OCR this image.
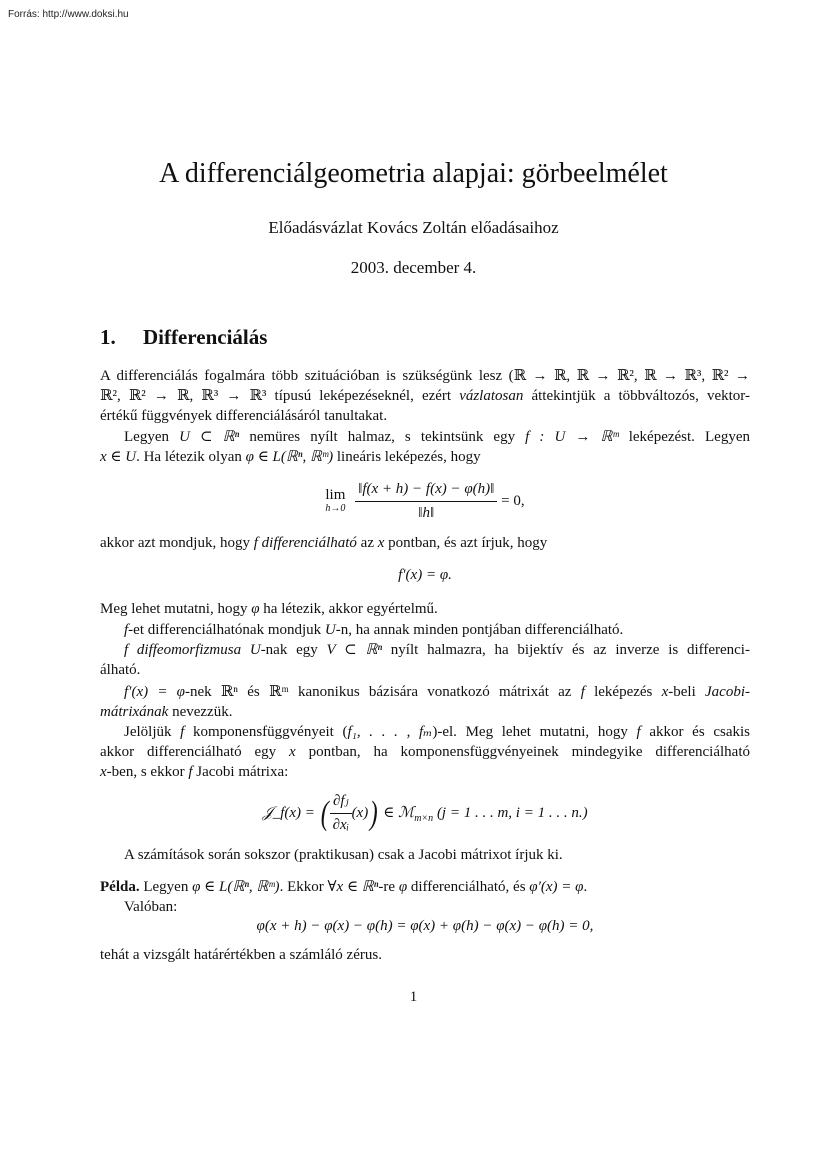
Forrás: http://www.doksi.hu
A differenciálgeometria alapjai: görbeelmélet
Előadásvázlat Kovács Zoltán előadásaihoz
2003. december 4.
1. Differenciálás
A differenciálás fogalmára több szituációban is szükségünk lesz (ℝ → ℝ, ℝ → ℝ², ℝ → ℝ³, ℝ² →
ℝ², ℝ² → ℝ, ℝ³ → ℝ³ típusú leképezéseknél, ezért vázlatosan áttekintjük a többváltozós, vektor-
értékű függvények differenciálásáról tanultakat.
Legyen U ⊂ ℝⁿ nemüres nyílt halmaz, s tekintsünk egy f : U → ℝᵐ leképezést. Legyen
x ∈ U. Ha létezik olyan φ ∈ L(ℝⁿ, ℝᵐ) lineáris leképezés, hogy
lim
h→0
$\frac{‖f(x + h) - f(x) - \varphi(h)‖}{‖h‖} = 0$,
akkor azt mondjuk, hogy f differenciálható az x pontban, és azt írjuk, hogy
f′(x) = φ.
Meg lehet mutatni, hogy φ ha létezik, akkor egyértelmű.
f-et differenciálhatónak mondjuk U-n, ha annak minden pontjában differenciálható.
f diffeomorfizmusa U-nak egy V ⊂ ℝⁿ nyílt halmazra, ha bijektív és az inverze is differenci-
álható.
f′(x) = φ-nek ℝⁿ és ℝᵐ kanonikus bázisára vonatkozó mátrixát az f leképezés x-beli Jacobi-
mátrixának nevezzük.
Jelöljük f komponensfüggvényeit (f₁, . . . , fₘ)-el. Meg lehet mutatni, hogy f akkor és csakis
akkor differenciálható egy x pontban, ha komponensfüggvényeinek mindegyike differenciálható
x-ben, s ekkor f Jacobi mátrixa:
𝒥_f(x) = ( $\frac{\text{∂fⱼ}}{\text{∂xᵢ}} (x)$) ∈ ℳ$_{m\times n}$ (j = 1 . . . m, i = 1 . . . n.)
A számítások során sokszor (praktikusan) csak a Jacobi mátrixot írjuk ki.
Példa. Legyen φ ∈ L(ℝⁿ, ℝᵐ). Ekkor ∀x ∈ ℝⁿ-re φ differenciálható, és φ′(x) = φ.
Valóban:
φ(x + h) − φ(x) − φ(h) = φ(x) + φ(h) − φ(x) − φ(h) = 0,
tehát a vizsgált határértékben a számláló zérus.
1
